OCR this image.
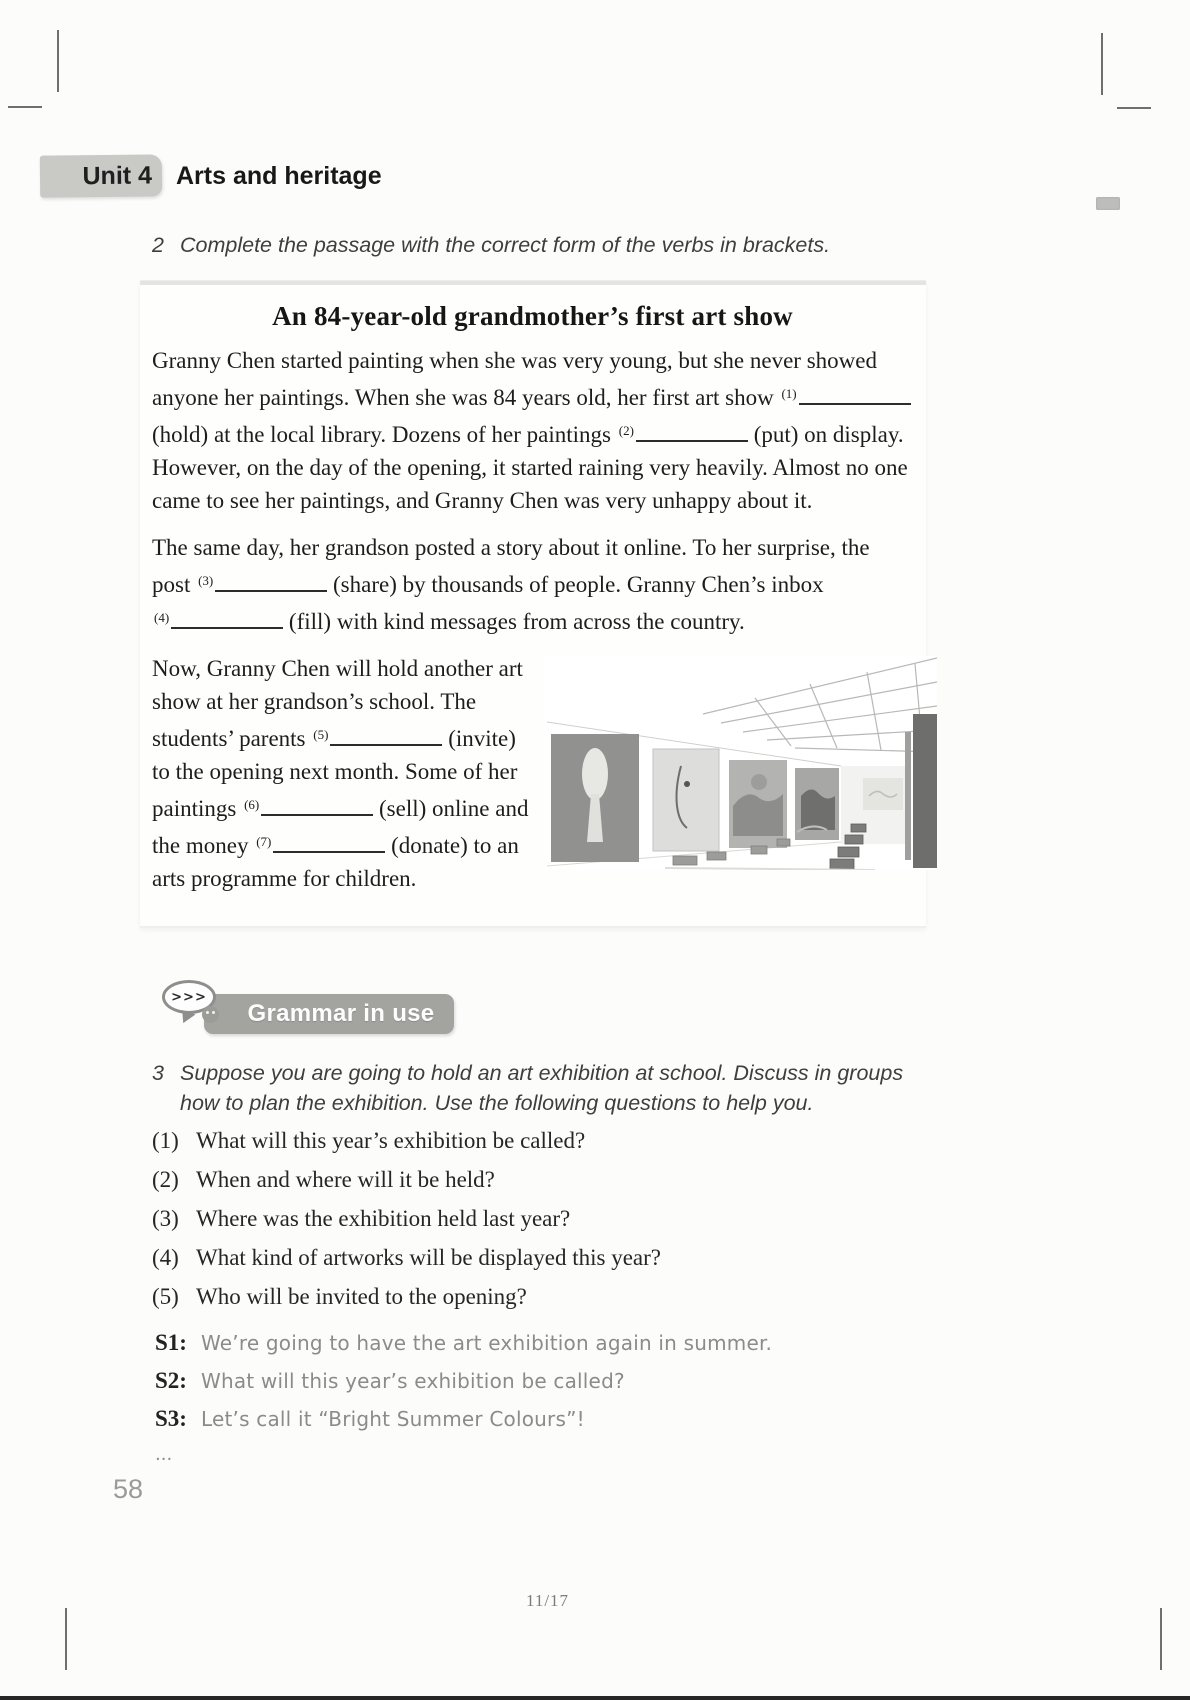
Unit 4 Arts and heritage
2 Complete the passage with the correct form of the verbs in brackets.
An 84-year-old grandmother’s first art show

Granny Chen started painting when she was very young, but she never showed anyone her paintings. When she was 84 years old, her first art show $^{(1)}$ (hold) at the local library. Dozens of her paintings $^{(2)}$	(put) on display. However, on the day of the opening, it started raining very heavily. Almost no one came to see her paintings, and Granny Chen was very unhappy about it.

The same day, her grandson posted a story about it online. To her surprise, the post $^{(3)}$	(share) by thousands of people. Granny Chen’s inbox $^{(4)}$	(fill) with kind messages from across the country.

Now, Granny Chen will hold another art show at her grandson’s school. The students’ parents $^{(5)}$	(invite) to the opening next month. Some of her paintings $^{(6)}$	(sell) online and the money $^{(7)}$	(donate) to an arts programme for children.

Grammar in use
>>>
3 Suppose you are going to hold an art exhibition at school. Discuss in groups how to plan the exhibition. Use the following questions to help you.
(1) What will this year’s exhibition be called?
(2) When and where will it be held?
(3) Where was the exhibition held last year?
(4) What kind of artworks will be displayed this year?
(5) Who will be invited to the opening?
S1: We’re going to have the art exhibition again in summer.
S2: What will this year’s exhibition be called?
S3: Let’s call it “Bright Summer Colours”!
...
58
11/17
